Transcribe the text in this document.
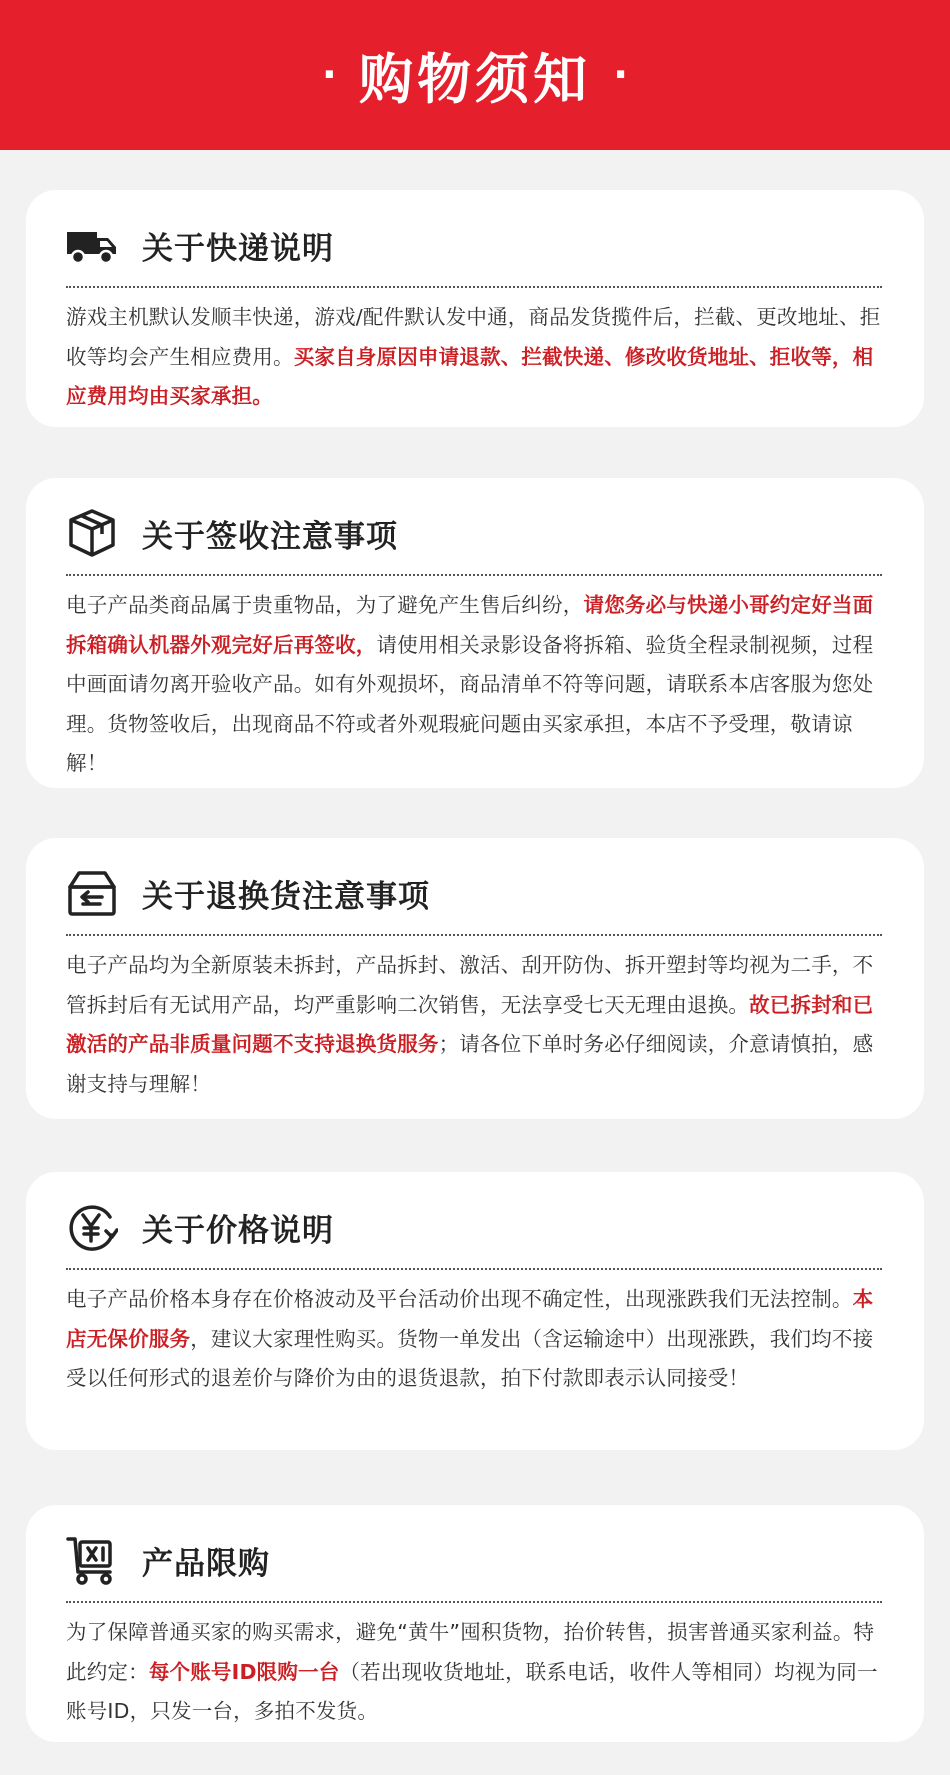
· 购物须知 ·
关于快递说明
游戏主机默认发顺丰快递，游戏/配件默认发中通，商品发货揽件后，拦截、更改地址、拒收等均会产生相应费用。买家自身原因申请退款、拦截快递、修改收货地址、拒收等，相应费用均由买家承担。
关于签收注意事项
电子产品类商品属于贵重物品，为了避免产生售后纠纷，请您务必与快递小哥约定好当面拆箱确认机器外观完好后再签收，请使用相关录影设备将拆箱、验货全程录制视频，过程中画面请勿离开验收产品。如有外观损坏，商品清单不符等问题，请联系本店客服为您处理。货物签收后，出现商品不符或者外观瑕疵问题由买家承担，本店不予受理，敬请谅解！
关于退换货注意事项
电子产品均为全新原装未拆封，产品拆封、激活、刮开防伪、拆开塑封等均视为二手，不管拆封后有无试用产品，均严重影响二次销售，无法享受七天无理由退换。故已拆封和已激活的产品非质量问题不支持退换货服务；请各位下单时务必仔细阅读，介意请慎拍，感谢支持与理解！
关于价格说明
电子产品价格本身存在价格波动及平台活动价出现不确定性，出现涨跌我们无法控制。本店无保价服务，建议大家理性购买。货物一单发出（含运输途中）出现涨跌，我们均不接受以任何形式的退差价与降价为由的退货退款，拍下付款即表示认同接受！
产品限购
为了保障普通买家的购买需求，避免“黄牛”囤积货物，抬价转售，损害普通买家利益。特此约定：每个账号ID限购一台（若出现收货地址，联系电话，收件人等相同）均视为同一账号ID，只发一台，多拍不发货。
